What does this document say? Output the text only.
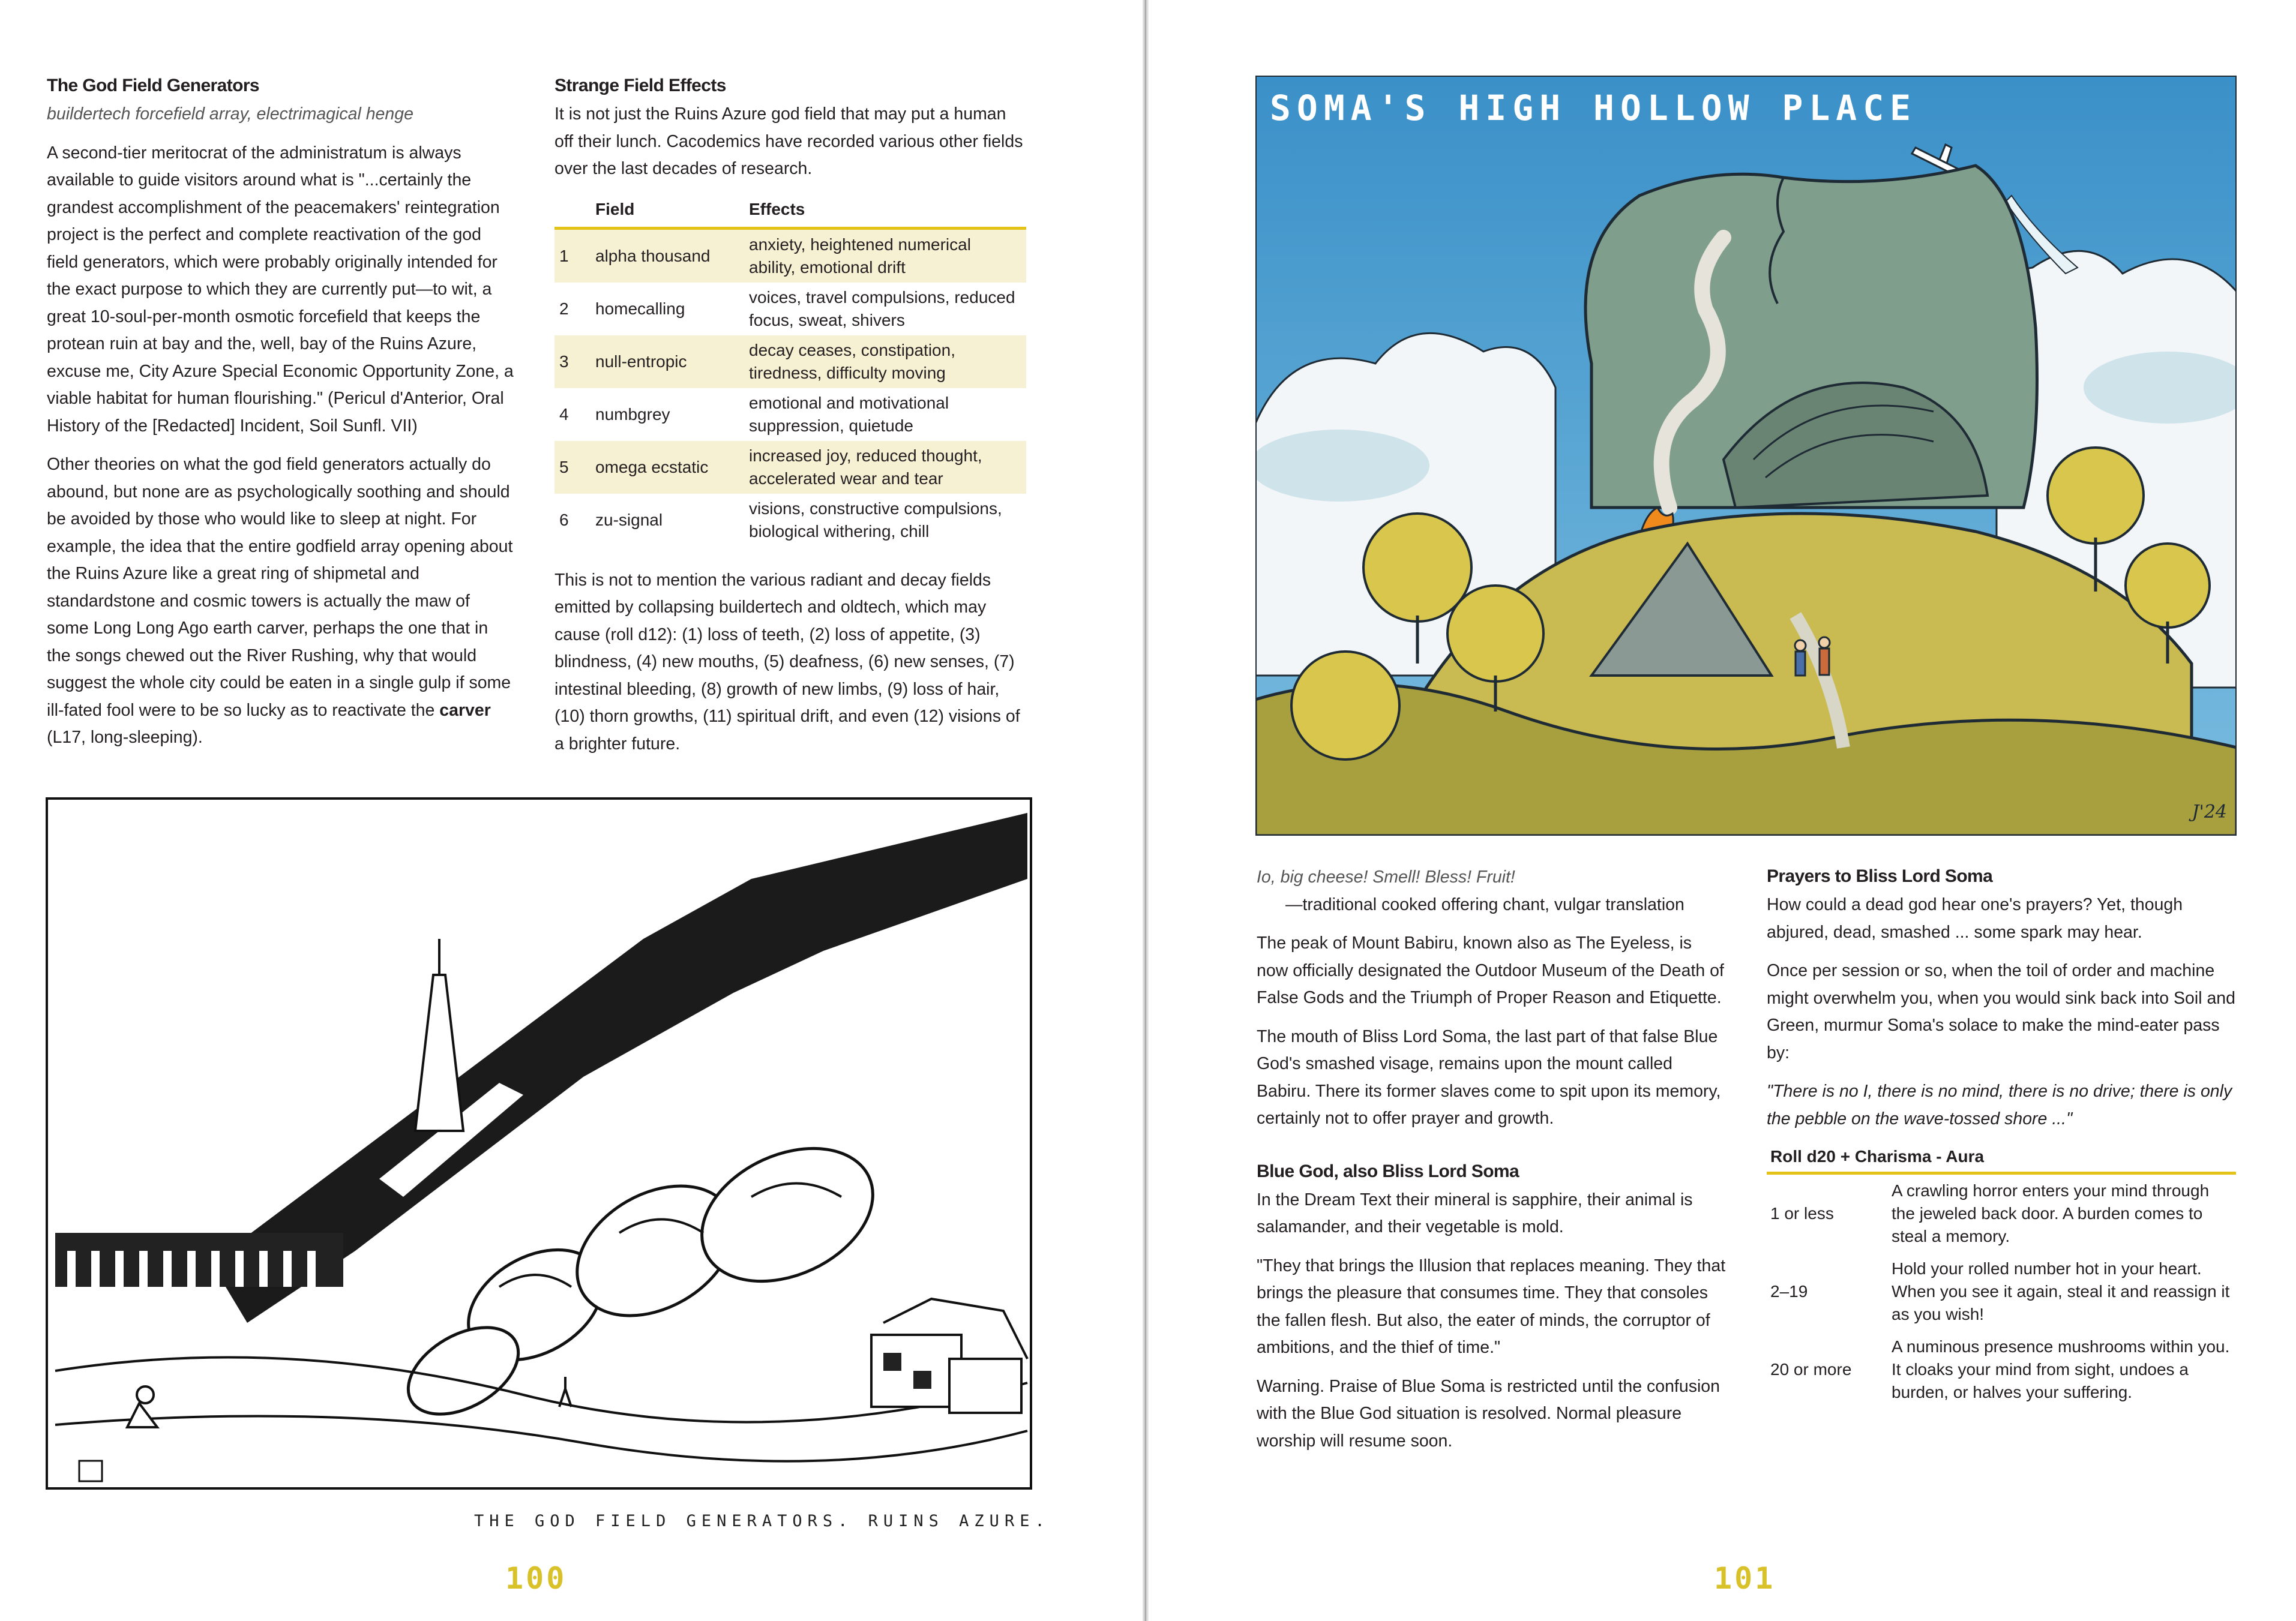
The God Field Generators

buildertech forcefield array, electrimagical henge

A second-tier meritocrat of the administratum is always available to guide visitors around what is "...certainly the grandest accomplishment of the peacemakers' reintegration project is the perfect and complete reactivation of the god field generators, which were probably originally intended for the exact purpose to which they are currently put—to wit, a great 10-soul-per-month osmotic forcefield that keeps the protean ruin at bay and the, well, bay of the Ruins Azure, excuse me, City Azure Special Economic Opportunity Zone, a viable habitat for human flourishing." (Pericul d'Anterior, Oral History of the [Redacted] Incident, Soil Sunfl. VII)

Other theories on what the god field generators actually do abound, but none are as psychologically soothing and should be avoided by those who would like to sleep at night. For example, the idea that the entire godfield array opening about the Ruins Azure like a great ring of shipmetal and standardstone and cosmic towers is actually the maw of some Long Long Ago earth carver, perhaps the one that in the songs chewed out the River Rushing, why that would suggest the whole city could be eaten in a single gulp if some ill-fated fool were to be so lucky as to reactivate the carver (L17, long-sleeping).

Strange Field Effects

It is not just the Ruins Azure god field that may put a human off their lunch. Cacodemics have recorded various other fields over the last decades of research.

	Field	Effects
1	alpha thousand	anxiety, heightened numerical ability, emotional drift
2	homecalling	voices, travel compulsions, reduced focus, sweat, shivers
3	null-entropic	decay ceases, constipation, tiredness, difficulty moving
4	numbgrey	emotional and motivational suppression, quietude
5	omega ecstatic	increased joy, reduced thought, accelerated wear and tear
6	zu-signal	visions, constructive compulsions, biological withering, chill

This is not to mention the various radiant and decay fields emitted by collapsing buildertech and oldtech, which may cause (roll d12): (1) loss of teeth, (2) loss of appetite, (3) blindness, (4) new mouths, (5) deafness, (6) new senses, (7) intestinal bleeding, (8) growth of new limbs, (9) loss of hair, (10) thorn growths, (11) spiritual drift, and even (12) visions of a brighter future.

THE GOD FIELD GENERATORS. RUINS AZURE.
100
SOMA'S HIGH HOLLOW PLACE
J'24

Io, big cheese! Smell! Bless! Fruit!

—traditional cooked offering chant, vulgar translation

The peak of Mount Babiru, known also as The Eyeless, is now officially designated the Outdoor Museum of the Death of False Gods and the Triumph of Proper Reason and Etiquette.

The mouth of Bliss Lord Soma, the last part of that false Blue God's smashed visage, remains upon the mount called Babiru. There its former slaves come to spit upon its memory, certainly not to offer prayer and growth.

Blue God, also Bliss Lord Soma

In the Dream Text their mineral is sapphire, their animal is salamander, and their vegetable is mold.

"They that brings the Illusion that replaces meaning. They that brings the pleasure that consumes time. They that consoles the fallen flesh. But also, the eater of minds, the corruptor of ambitions, and the thief of time."

Warning. Praise of Blue Soma is restricted until the confusion with the Blue God situation is resolved. Normal pleasure worship will resume soon.

Prayers to Bliss Lord Soma

How could a dead god hear one's prayers? Yet, though abjured, dead, smashed ... some spark may hear.

Once per session or so, when the toil of order and machine might overwhelm you, when you would sink back into Soil and Green, murmur Soma's solace to make the mind-eater pass by:

"There is no I, there is no mind, there is no drive; there is only the pebble on the wave-tossed shore ..."

Roll d20 + Charisma - Aura	
1 or less	A crawling horror enters your mind through the jeweled back door. A burden comes to steal a memory.
2–19	Hold your rolled number hot in your heart. When you see it again, steal it and reassign it as you wish!
20 or more	A numinous presence mushrooms within you. It cloaks your mind from sight, undoes a burden, or halves your suffering.
101
